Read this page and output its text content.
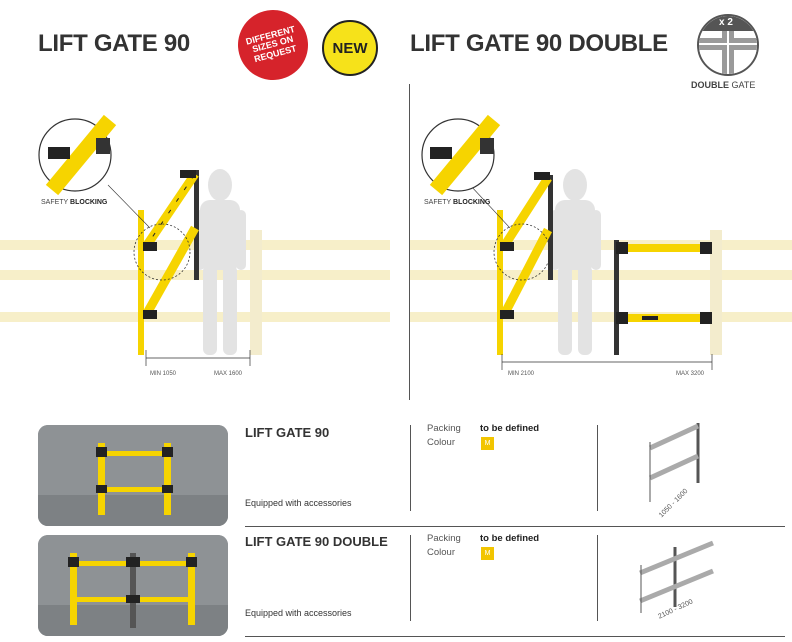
LIFT GATE 90	DIFFERENT SIZES ON REQUEST	NEW LIFT GATE 90 DOUBLE
x 2
DOUBLE GATE
SAFETY BLOCKING
MIN 1050	MAX 1600
SAFETY BLOCKING
MIN 2100	MAX 3200
LIFT GATE 90
Equipped with accessories
Packing to be defined
Colour	M
1050 - 1600
LIFT GATE 90 DOUBLE
Equipped with accessories
Packing to be defined
Colour	M
2100 - 3200
